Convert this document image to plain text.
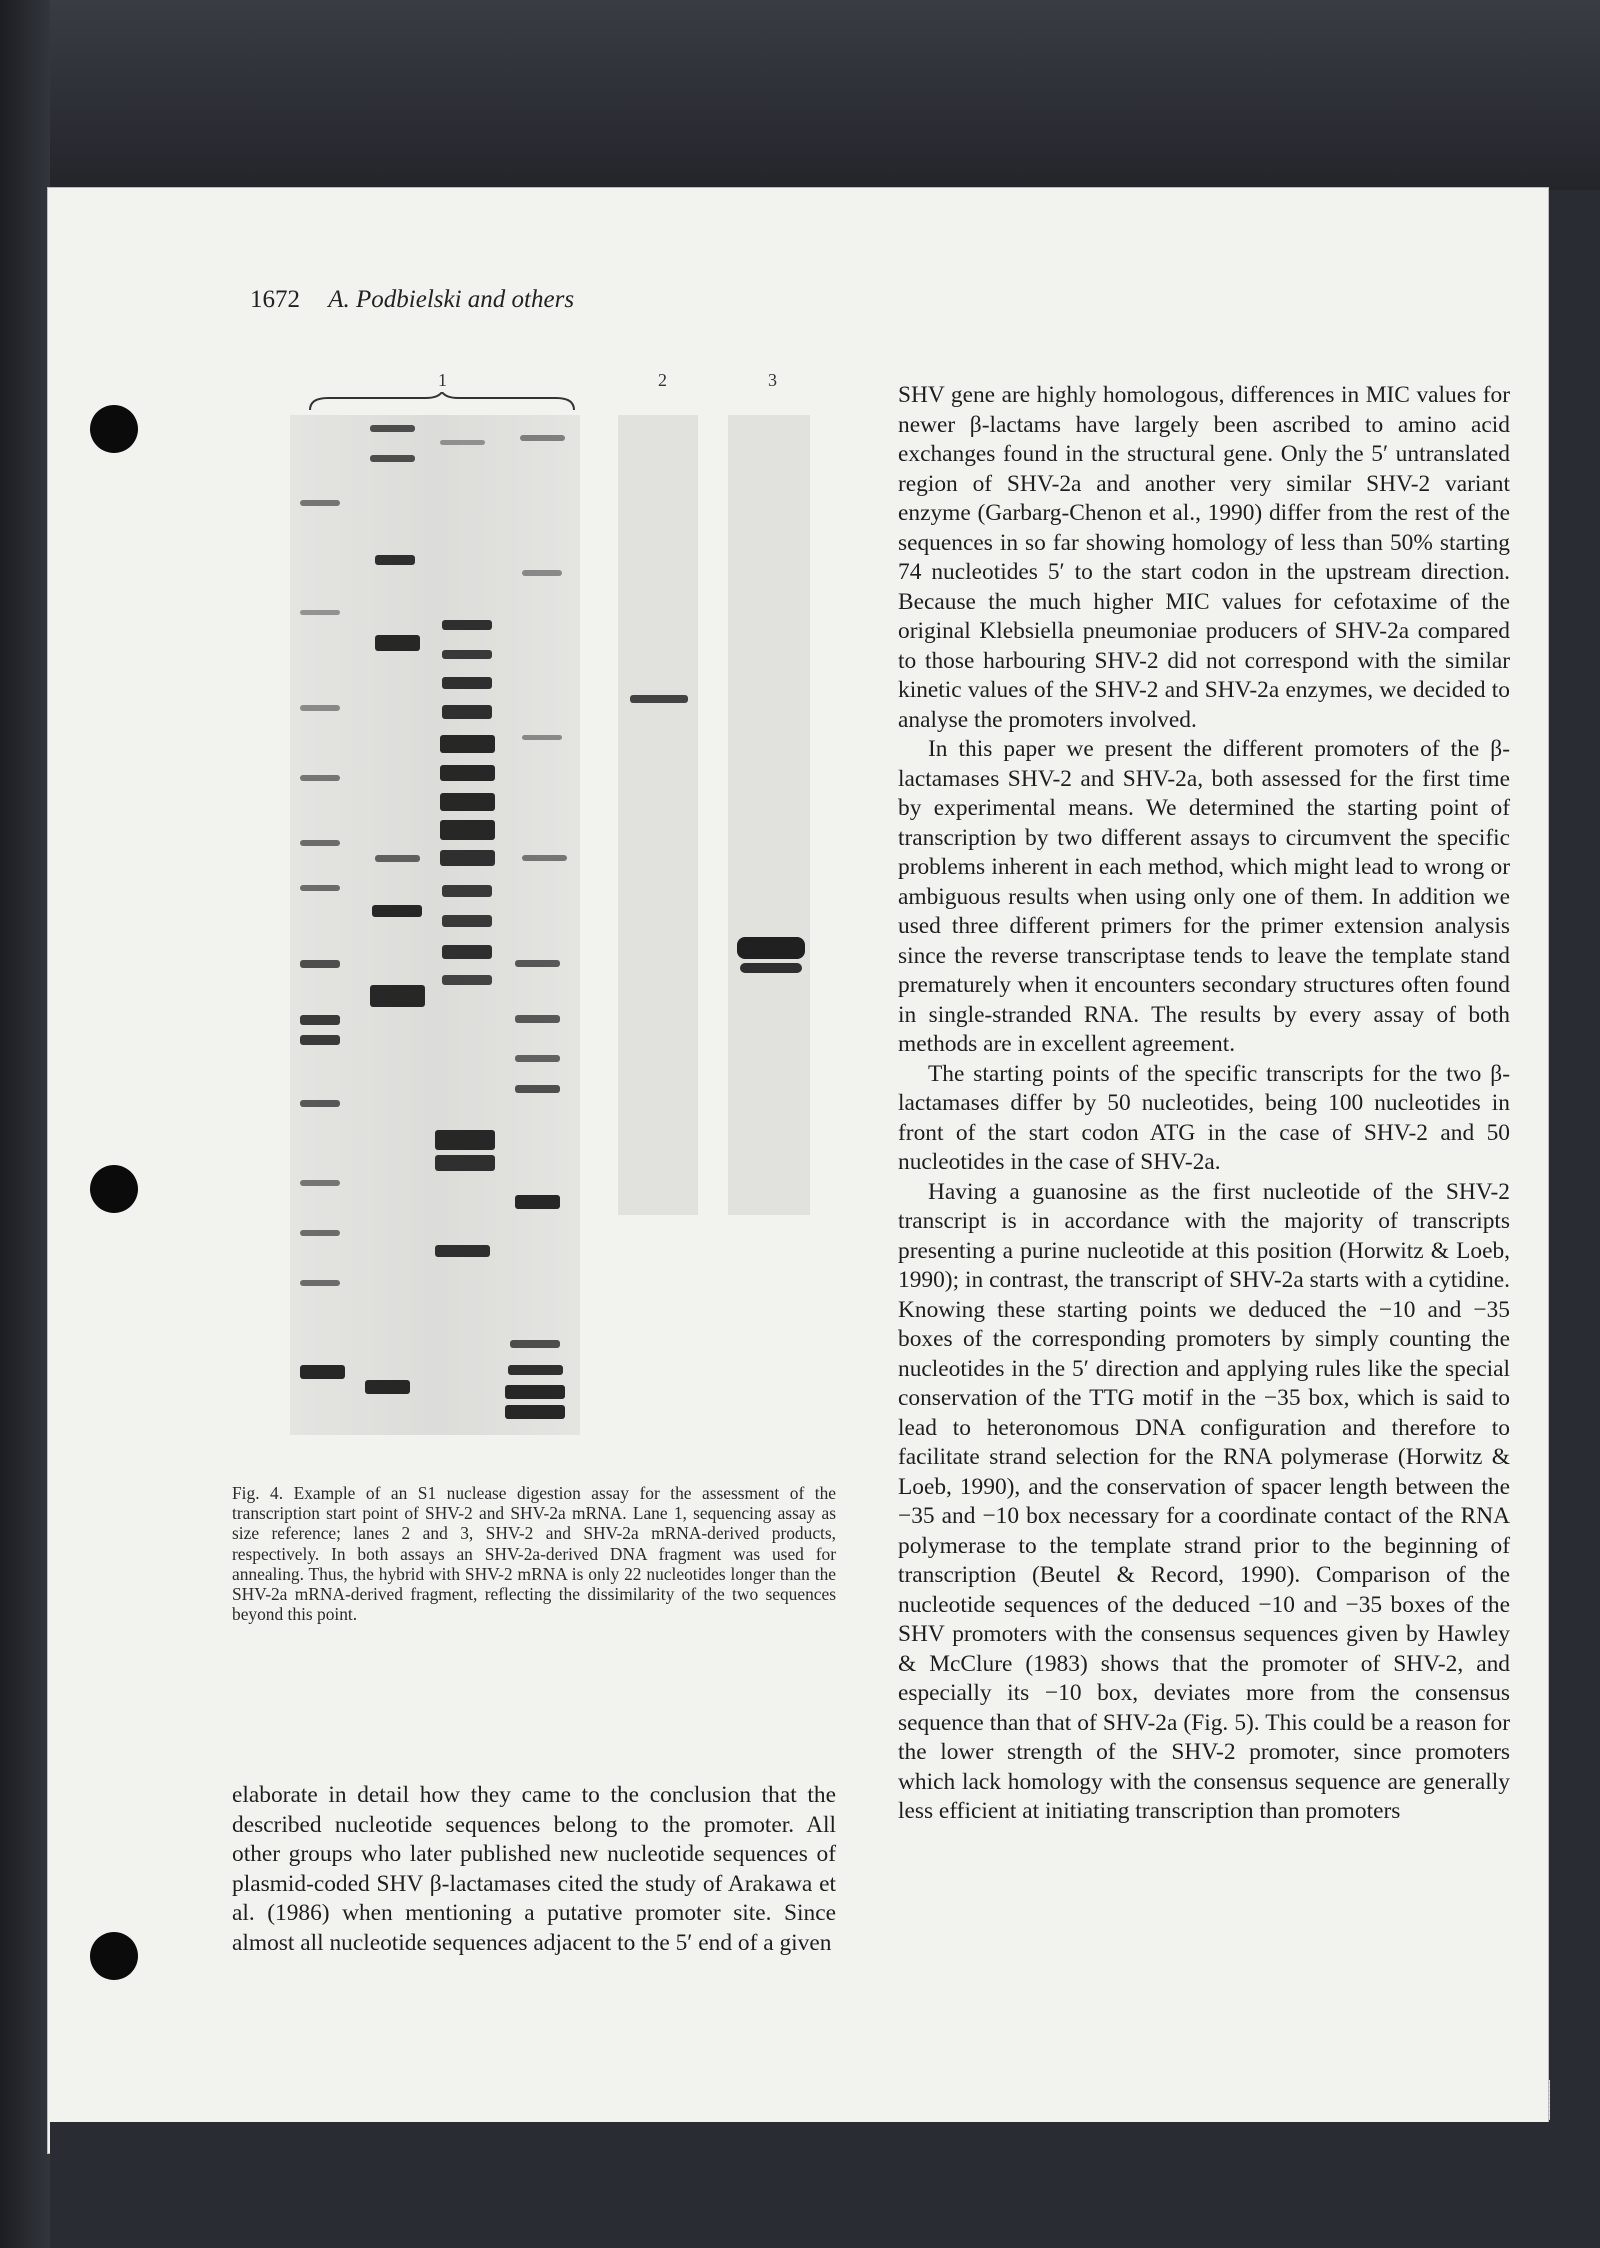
1672 A. Podbielski and others
1	2	3
Fig. 4. Example of an S1 nuclease digestion assay for the assessment of the transcription start point of SHV-2 and SHV-2a mRNA. Lane 1, sequencing assay as size reference; lanes 2 and 3, SHV-2 and SHV-2a mRNA-derived products, respectively. In both assays an SHV-2a-derived DNA fragment was used for annealing. Thus, the hybrid with SHV-2 mRNA is only 22 nucleotides longer than the SHV-2a mRNA-derived fragment, reflecting the dissimilarity of the two sequences beyond this point.

elaborate in detail how they came to the conclusion that the described nucleotide sequences belong to the promoter. All other groups who later published new nucleotide sequences of plasmid-coded SHV β-lactamases cited the study of Arakawa et al. (1986) when mentioning a putative promoter site. Since almost all nucleotide sequences adjacent to the 5′ end of a given

SHV gene are highly homologous, differences in MIC values for newer β-lactams have largely been ascribed to amino acid exchanges found in the structural gene. Only the 5′ untranslated region of SHV-2a and another very similar SHV-2 variant enzyme (Garbarg-Chenon et al., 1990) differ from the rest of the sequences in so far showing homology of less than 50% starting 74 nucleotides 5′ to the start codon in the upstream direction. Because the much higher MIC values for cefotaxime of the original Klebsiella pneumoniae producers of SHV-2a compared to those harbouring SHV-2 did not correspond with the similar kinetic values of the SHV-2 and SHV-2a enzymes, we decided to analyse the promoters involved.

In this paper we present the different promoters of the β-lactamases SHV-2 and SHV-2a, both assessed for the first time by experimental means. We determined the starting point of transcription by two different assays to circumvent the specific problems inherent in each method, which might lead to wrong or ambiguous results when using only one of them. In addition we used three different primers for the primer extension analysis since the reverse transcriptase tends to leave the template stand prematurely when it encounters secondary structures often found in single-stranded RNA. The results by every assay of both methods are in excellent agreement.

The starting points of the specific transcripts for the two β-lactamases differ by 50 nucleotides, being 100 nucleotides in front of the start codon ATG in the case of SHV-2 and 50 nucleotides in the case of SHV-2a.

Having a guanosine as the first nucleotide of the SHV-2 transcript is in accordance with the majority of transcripts presenting a purine nucleotide at this position (Horwitz & Loeb, 1990); in contrast, the transcript of SHV-2a starts with a cytidine. Knowing these starting points we deduced the −10 and −35 boxes of the corresponding promoters by simply counting the nucleotides in the 5′ direction and applying rules like the special conservation of the TTG motif in the −35 box, which is said to lead to heteronomous DNA configuration and therefore to facilitate strand selection for the RNA polymerase (Horwitz & Loeb, 1990), and the conservation of spacer length between the −35 and −10 box necessary for a coordinate contact of the RNA polymerase to the template strand prior to the beginning of transcription (Beutel & Record, 1990). Comparison of the nucleotide sequences of the deduced −10 and −35 boxes of the SHV promoters with the consensus sequences given by Hawley & McClure (1983) shows that the promoter of SHV-2, and especially its −10 box, deviates more from the consensus sequence than that of SHV-2a (Fig. 5). This could be a reason for the lower strength of the SHV-2 promoter, since promoters which lack homology with the consensus sequence are generally less efficient at initiating transcription than promoters
